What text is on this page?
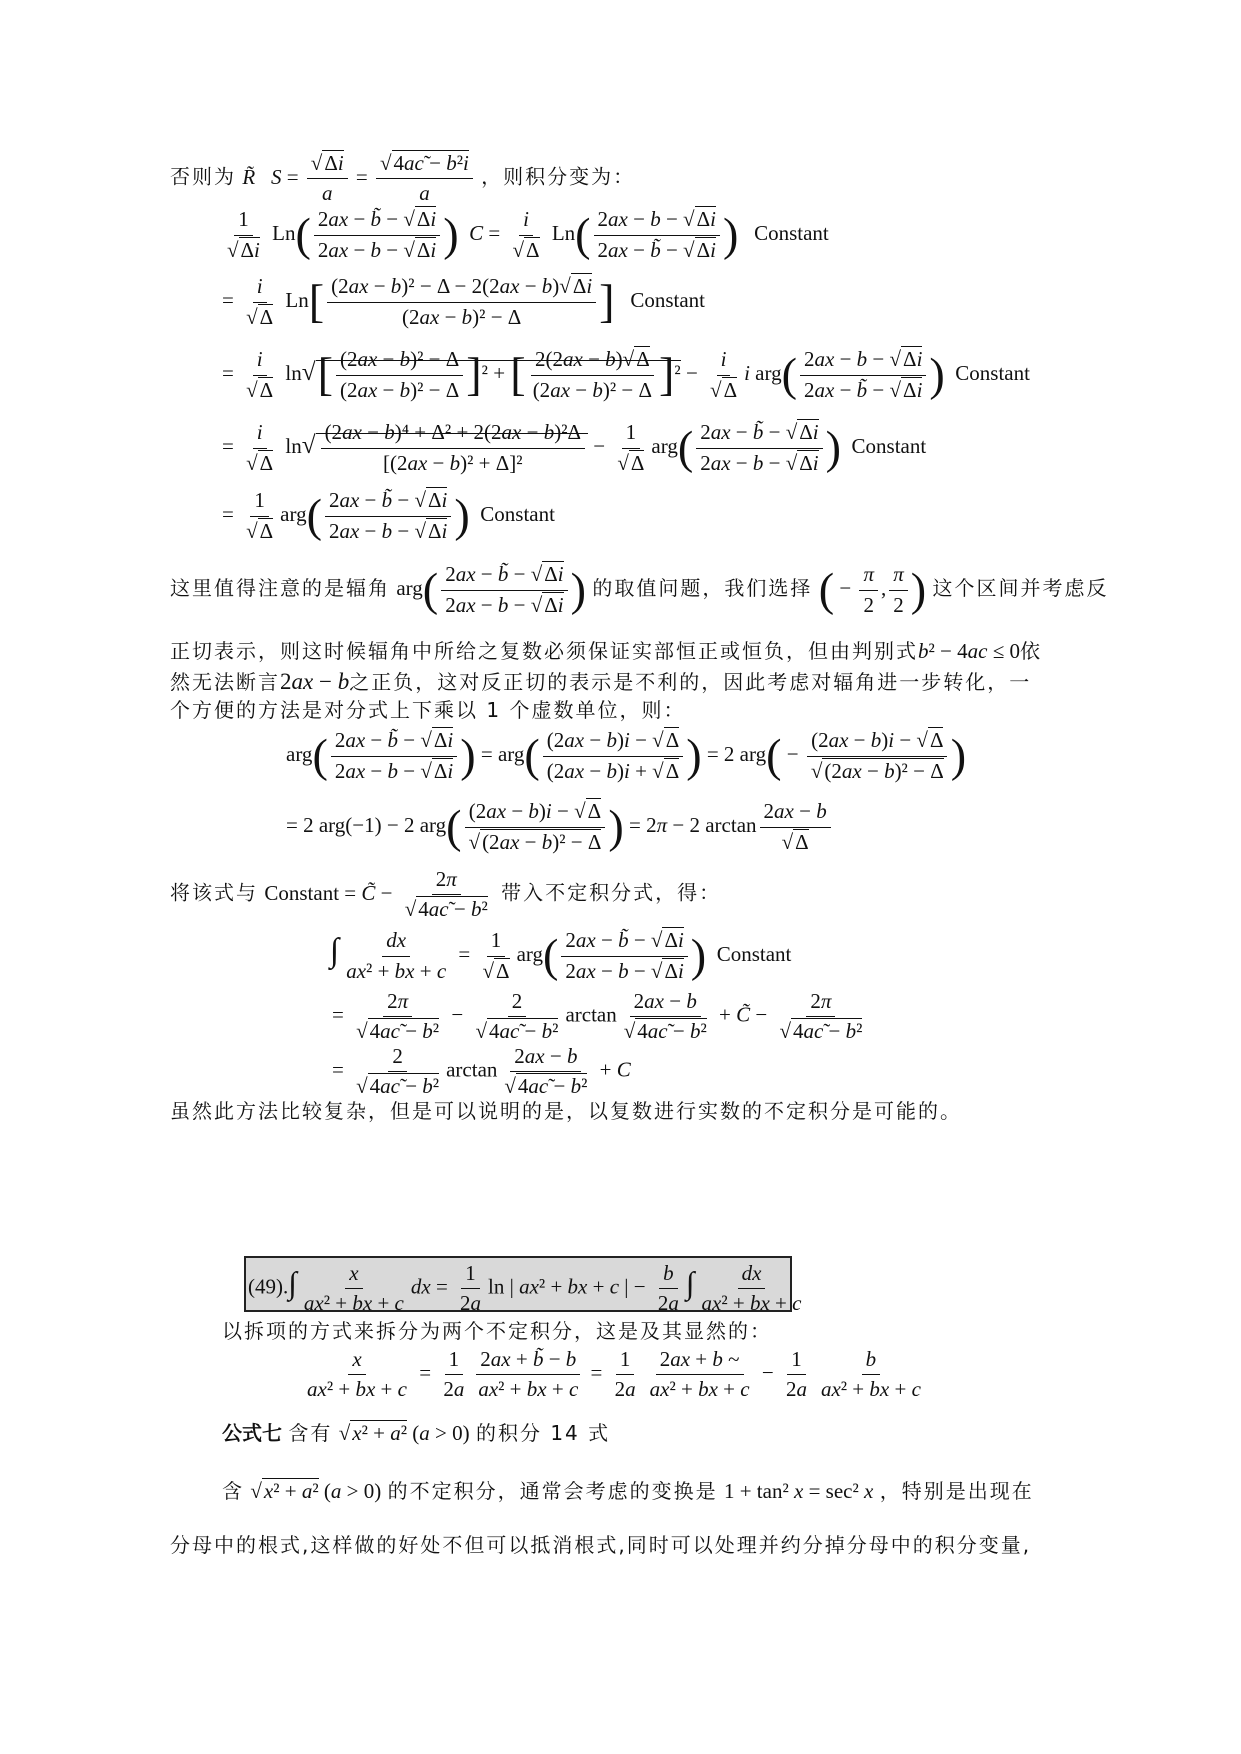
否则为 R̃ $S = \frac{√\Delta i}{a} = \frac{\text{√4ac̃ − b²i}}{a}$ ，则积分变为：
$\frac{1}{√\Delta i} Ln( \frac{2ax - b̃ - √\Delta i}{2ax - b - √\Delta i}$ ) $C = \frac{i}{√\Delta} Ln( \frac{2ax - b - √\Delta i}{2ax - b̃ - √\Delta i}$ ) Constant
= $\frac{i}{√\Delta} Ln[ \frac{\text{(2ax − b)² − Δ − 2(2ax − b)√Δi}}{\text{(2ax − b)² − Δ}}$ ] Constant
= $\frac{i}{√\Delta} \ln√[ \frac{\text{(2ax − b)² − Δ}}{\text{(2ax − b)² − Δ}} ]^2$ + [ $\frac{2(2ax - b)√\Delta}{\text{(2ax − b)² − Δ}} ]^2 - \frac{i}{√\Delta}$ i $arg( \frac{2ax - b - √\Delta i}{2ax - b̃ - √\Delta i}$ ) Constant
= $\frac{i}{√\Delta} \ln√ \frac{\text{(2ax − b)⁴ + Δ² + 2(2ax − b)²Δ}}{\text{[(2ax − b)² + Δ]²}} - \frac{1}{√\Delta} arg( \frac{2ax - b̃ - √\Delta i}{2ax - b - √\Delta i}$ ) Constant
= $\frac{1}{√\Delta} arg( \frac{2ax - b̃ - √\Delta i}{2ax - b - √\Delta i}$ ) Constant
这里值得注意的是辐角 $arg( \frac{2ax - b̃ - √\Delta i}{2ax - b - √\Delta i}$ ) 的取值问题，我们选择 ( − $\frac{\pi}{2}$ , $\frac{\pi}{2}$ ) 这个区间并考虑反
正切表示，则这时候辐角中所给之复数必须保证实部恒正或恒负，但由判别式b² − 4ac ≤ 0依
然无法断言2ax − b之正负，这对反正切的表示是不利的，因此考虑对辐角进一步转化，一
个方便的方法是对分式上下乘以 1 个虚数单位，则：
$arg( \frac{2ax - b̃ - √\Delta i}{2ax - b - √\Delta i}$ ) = $arg( \frac{(2ax - b)i - √\Delta}{(2ax - b)i + √\Delta}$ ) = 2 $arg( - \frac{(2ax - b)i - √\Delta}{\text{√(2ax − b)² − Δ}}$ )
= 2 arg(−1) − 2 $arg( \frac{(2ax - b)i - √\Delta}{\text{√(2ax − b)² − Δ}}$ ) = 2π − 2 $\arctan \frac{2ax - b}{√\Delta}$
将该式与 Constant = C̃ − $\frac{2\pi}{\text{√4ac̃ − b²}}$ 带入不定积分式，得：
∫ $\frac{dx}{\text{ax² + bx + c}} = \frac{1}{√\Delta} arg( \frac{2ax - b̃ - √\Delta i}{2ax - b - √\Delta i}$ ) Constant
= $\frac{2\pi}{\text{√4ac̃ − b²}} - \frac{2}{\text{√4ac̃ − b²}}$ $\arctan \frac{2ax - b}{\text{√4ac̃ − b²}}$ + C̃ − $\frac{2\pi}{\text{√4ac̃ − b²}}$
= $\frac{2}{\text{√4ac̃ − b²}}$ $\arctan \frac{2ax - b}{\text{√4ac̃ − b²}} + C$
虽然此方法比较复杂，但是可以说明的是，以复数进行实数的不定积分是可能的。
$(49).\int \frac{x}{\text{ax² + bx + c}}$ dx = $\frac{1}{2a}$ ln | ax² + bx + c | − $\frac{b}{2a}$ ∫ $\frac{dx}{\text{ax² + bx + c}}$
以拆项的方式来拆分为两个不定积分，这是及其显然的：
$\frac{x}{\text{ax² + bx + c}} = \frac{1}{2a} \frac{2ax + b̃ - b}{\text{ax² + bx + c}} = \frac{1}{2a} \frac{2ax + b \sim}{\text{ax² + bx + c}} - \frac{1}{2a} \frac{b}{\text{ax² + bx + c}}$
公式七 含有 √x² + a² (a > 0) 的积分 14 式
含 √x² + a² (a > 0) 的不定积分，通常会考虑的变换是 1 + tan² x = sec² x ，特别是出现在
分母中的根式,这样做的好处不但可以抵消根式,同时可以处理并约分掉分母中的积分变量,
